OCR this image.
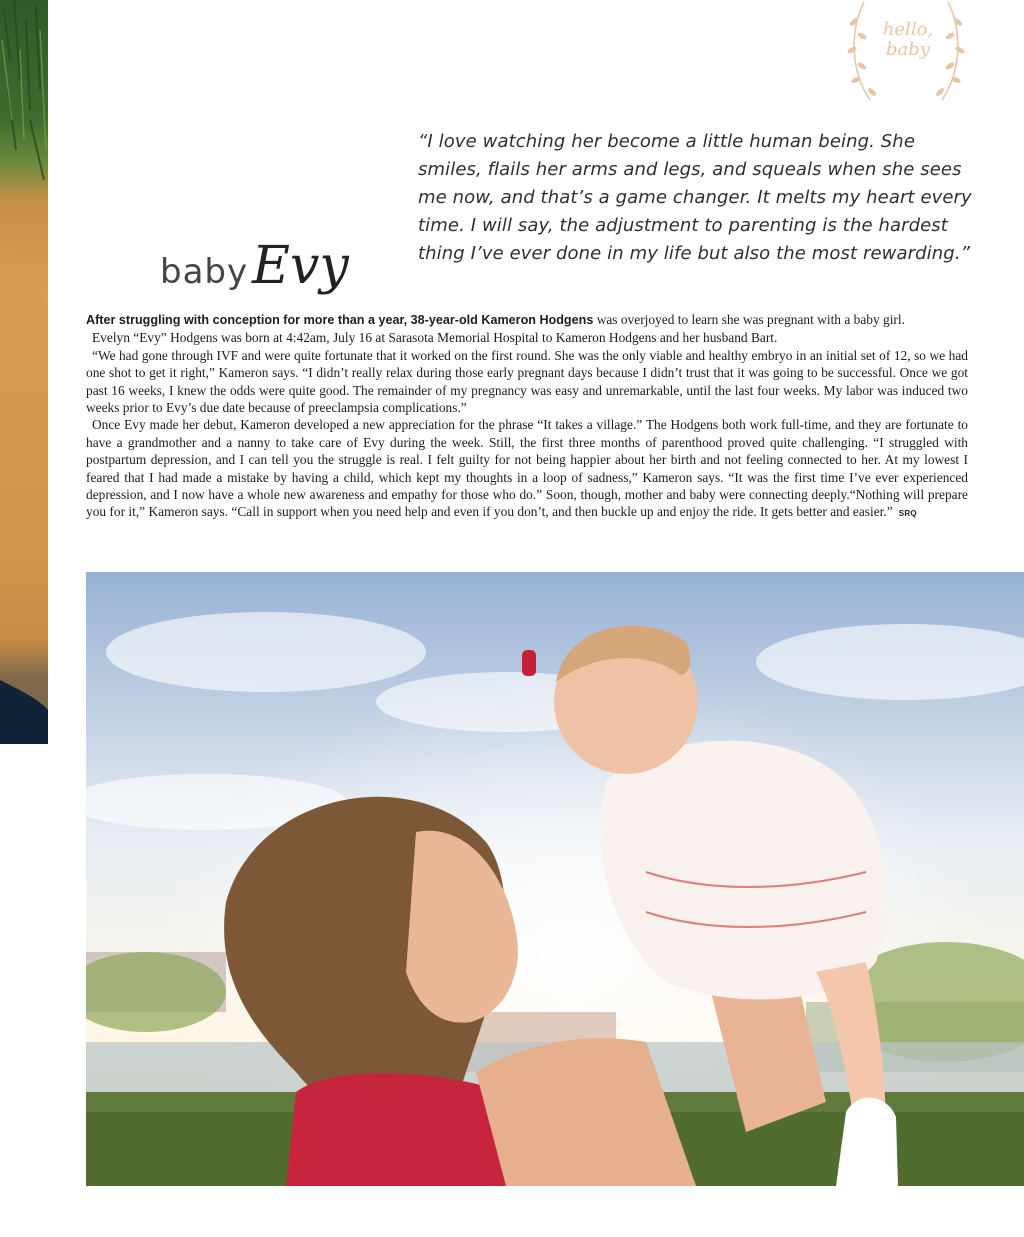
hello,
baby

“I love watching her become a little human being. She smiles, flails her arms and legs, and squeals when she sees me now, and that’s a game changer. It melts my heart every time. I will say, the adjustment to parenting is the hardest thing I’ve ever done in my life but also the most rewarding.”

baby Evy

After struggling with conception for more than a year, 38-year-old Kameron Hodgens was overjoyed to learn she was pregnant with a baby girl.

Evelyn “Evy” Hodgens was born at 4:42am, July 16 at Sarasota Memorial Hospital to Kameron Hodgens and her husband Bart.

“We had gone through IVF and were quite fortunate that it worked on the first round. She was the only viable and healthy embryo in an initial set of 12, so we had one shot to get it right,” Kameron says. “I didn’t really relax during those early pregnant days because I didn’t trust that it was going to be successful. Once we got past 16 weeks, I knew the odds were quite good. The remainder of my pregnancy was easy and unremarkable, until the last four weeks. My labor was induced two weeks prior to Evy’s due date because of preeclampsia complications.”

Once Evy made her debut, Kameron developed a new appreciation for the phrase “It takes a village.” The Hodgens both work full-time, and they are fortunate to have a grandmother and a nanny to take care of Evy during the week. Still, the first three months of parenthood proved quite challenging. “I struggled with postpartum depression, and I can tell you the struggle is real. I felt guilty for not being happier about her birth and not feeling connected to her. At my lowest I feared that I had made a mistake by having a child, which kept my thoughts in a loop of sadness,” Kameron says. “It was the first time I’ve ever experienced depression, and I now have a whole new awareness and empathy for those who do.” Soon, though, mother and baby were connecting deeply.“Nothing will prepare you for it,” Kameron says. “Call in support when you need help and even if you don’t, and then buckle up and enjoy the ride. It gets better and easier.” SRQ
